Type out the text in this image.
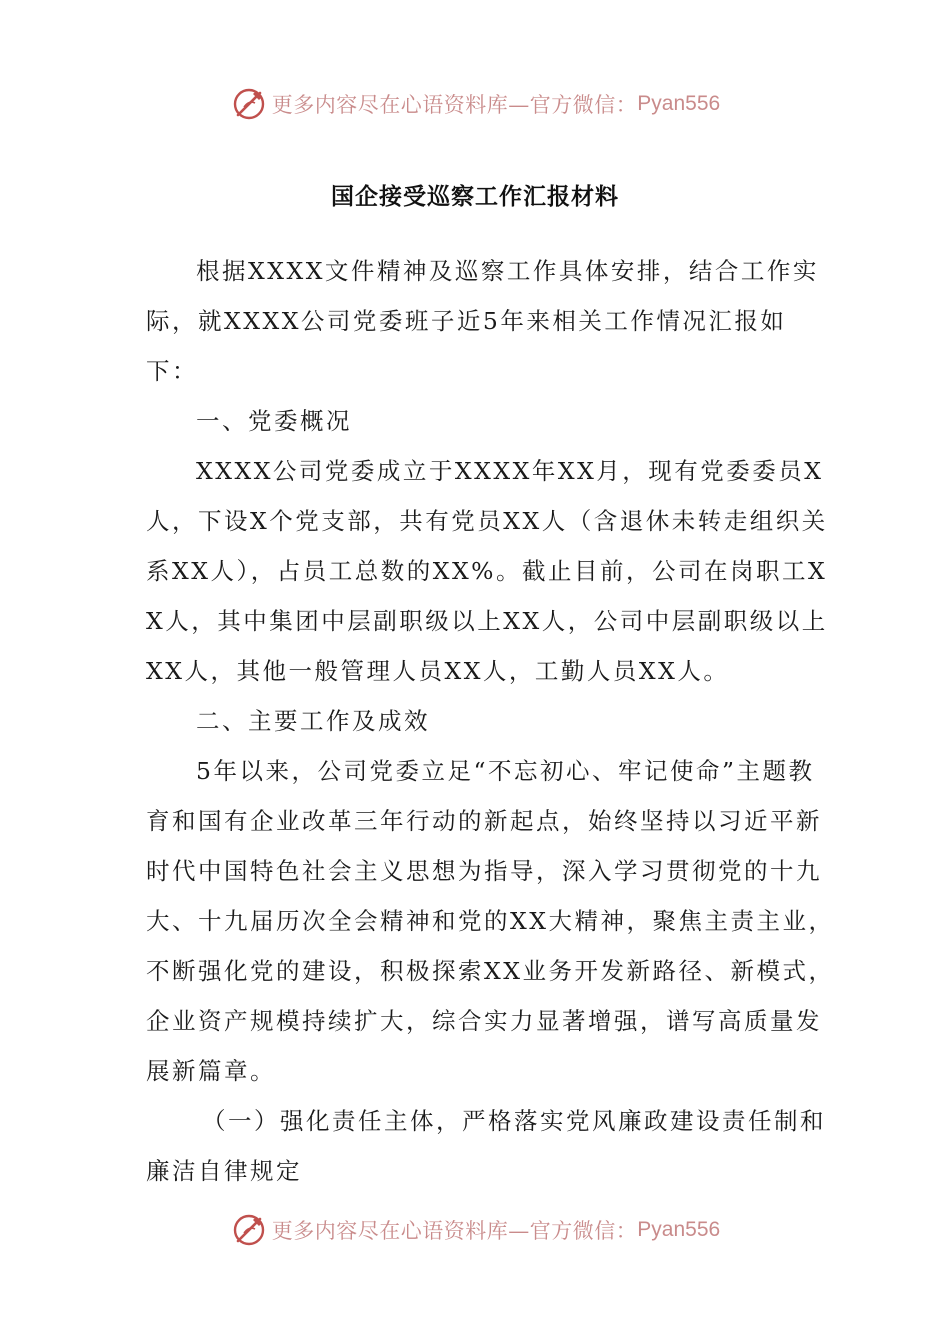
更多内容尽在心语资料库—官方微信： Pyan556
国企接受巡察工作汇报材料

根据XXXX文件精神及巡察工作具体安排，结合工作实际，就XXXX公司党委班子近5年来相关工作情况汇报如下：

一、党委概况

XXXX公司党委成立于XXXX年XX月，现有党委委员X人，下设X个党支部，共有党员XX人（含退休未转走组织关系XX人），占员工总数的XX%。截止目前，公司在岗职工XX人，其中集团中层副职级以上XX人，公司中层副职级以上XX人，其他一般管理人员XX人，工勤人员XX人。

二、主要工作及成效

5年以来，公司党委立足“不忘初心、牢记使命”主题教育和国有企业改革三年行动的新起点，始终坚持以习近平新时代中国特色社会主义思想为指导，深入学习贯彻党的十九大、十九届历次全会精神和党的XX大精神，聚焦主责主业，不断强化党的建设，积极探索XX业务开发新路径、新模式，企业资产规模持续扩大，综合实力显著增强，谱写高质量发展新篇章。

（一）强化责任主体，严格落实党风廉政建设责任制和廉洁自律规定

更多内容尽在心语资料库—官方微信： Pyan556
